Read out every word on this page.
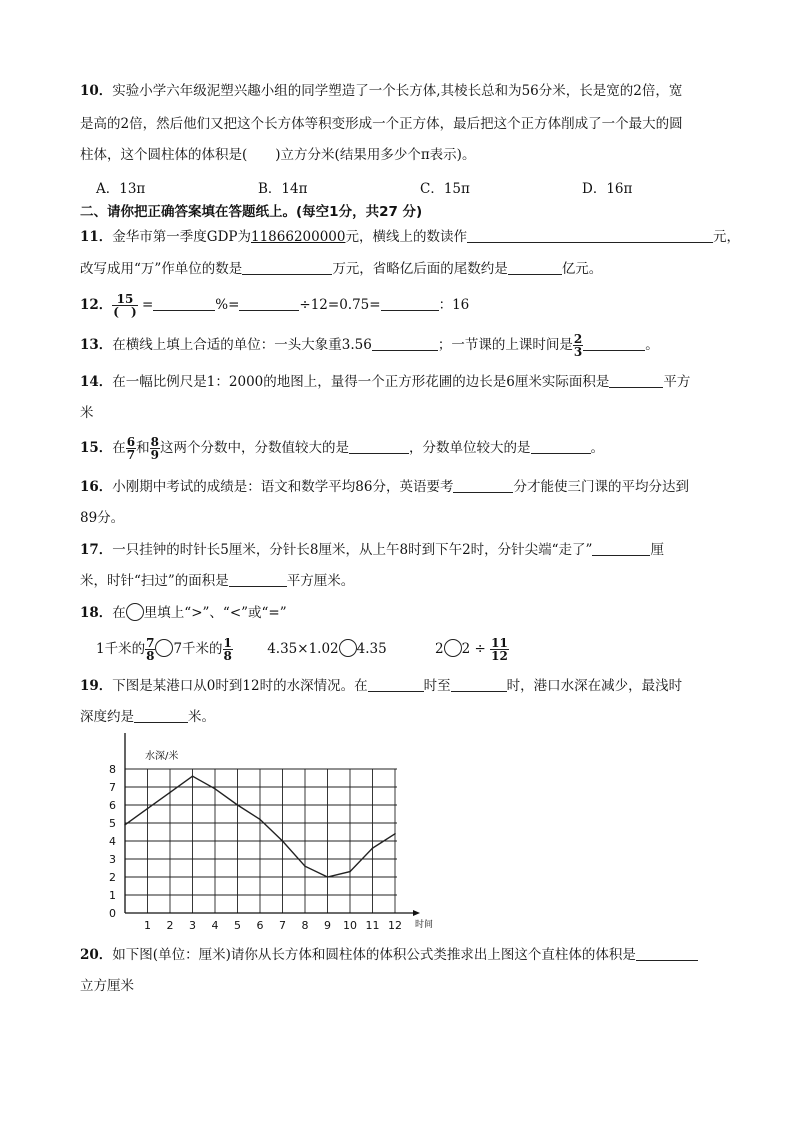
10．实验小学六年级泥塑兴趣小组的同学塑造了一个长方体,其棱长总和为56分米，长是宽的2倍，宽
是高的2倍，然后他们又把这个长方体等积变形成一个正方体，最后把这个正方体削成了一个最大的圆
柱体，这个圆柱体的体积是( )立方分米(结果用多少个π表示)。
A．13π	B．14π	C．15π	D．16π
二、请你把正确答案填在答题纸上。(每空1分，共27 分)
11．金华市第一季度GDP为11866200000元，横线上的数读作	元，
改写成用“万”作单位的数是	万元，省略亿后面的尾数约是	亿元。
12． $\frac{15}{( )}$ =	%=	÷12=0.75=	：16
13．在横线上填上合适的单位：一头大象重3.56	；一节课的上课时间是 $\frac{2}{3}$	。
14．在一幅比例尺是1：2000的地图上，量得一个正方形花圃的边长是6厘米实际面积是	平方
米
15．在 $\frac{6}{7}$ 和 $\frac{8}{9}$ 这两个分数中，分数值较大的是	，分数单位较大的是	。
16．小刚期中考试的成绩是：语文和数学平均86分，英语要考	分才能使三门课的平均分达到
89分。
17．一只挂钟的时针长5厘米，分针长8厘米，从上午8时到下午2时，分针尖端“走了”	厘
米，时针“扫过”的面积是	平方厘米。
18．在 里填上“>”、“<”或“=”
1千米的 $\frac{7}{8} 7$千米的 $\frac{1}{8}$	4.35×1.02 4.35	2 $2 \div \frac{11}{12}$
19．下图是某港口从0时到12时的水深情况。在	时至	时，港口水深在减少，最浅时
深度约是	米。
0
1
2
3
4
5
6
7
8
1 2 3 4 5 6 7 8 9 10 11 12
水深/米
时间
20．如下图(单位：厘米)请你从长方体和圆柱体的体积公式类推求出上图这个直柱体的体积是
立方厘米
